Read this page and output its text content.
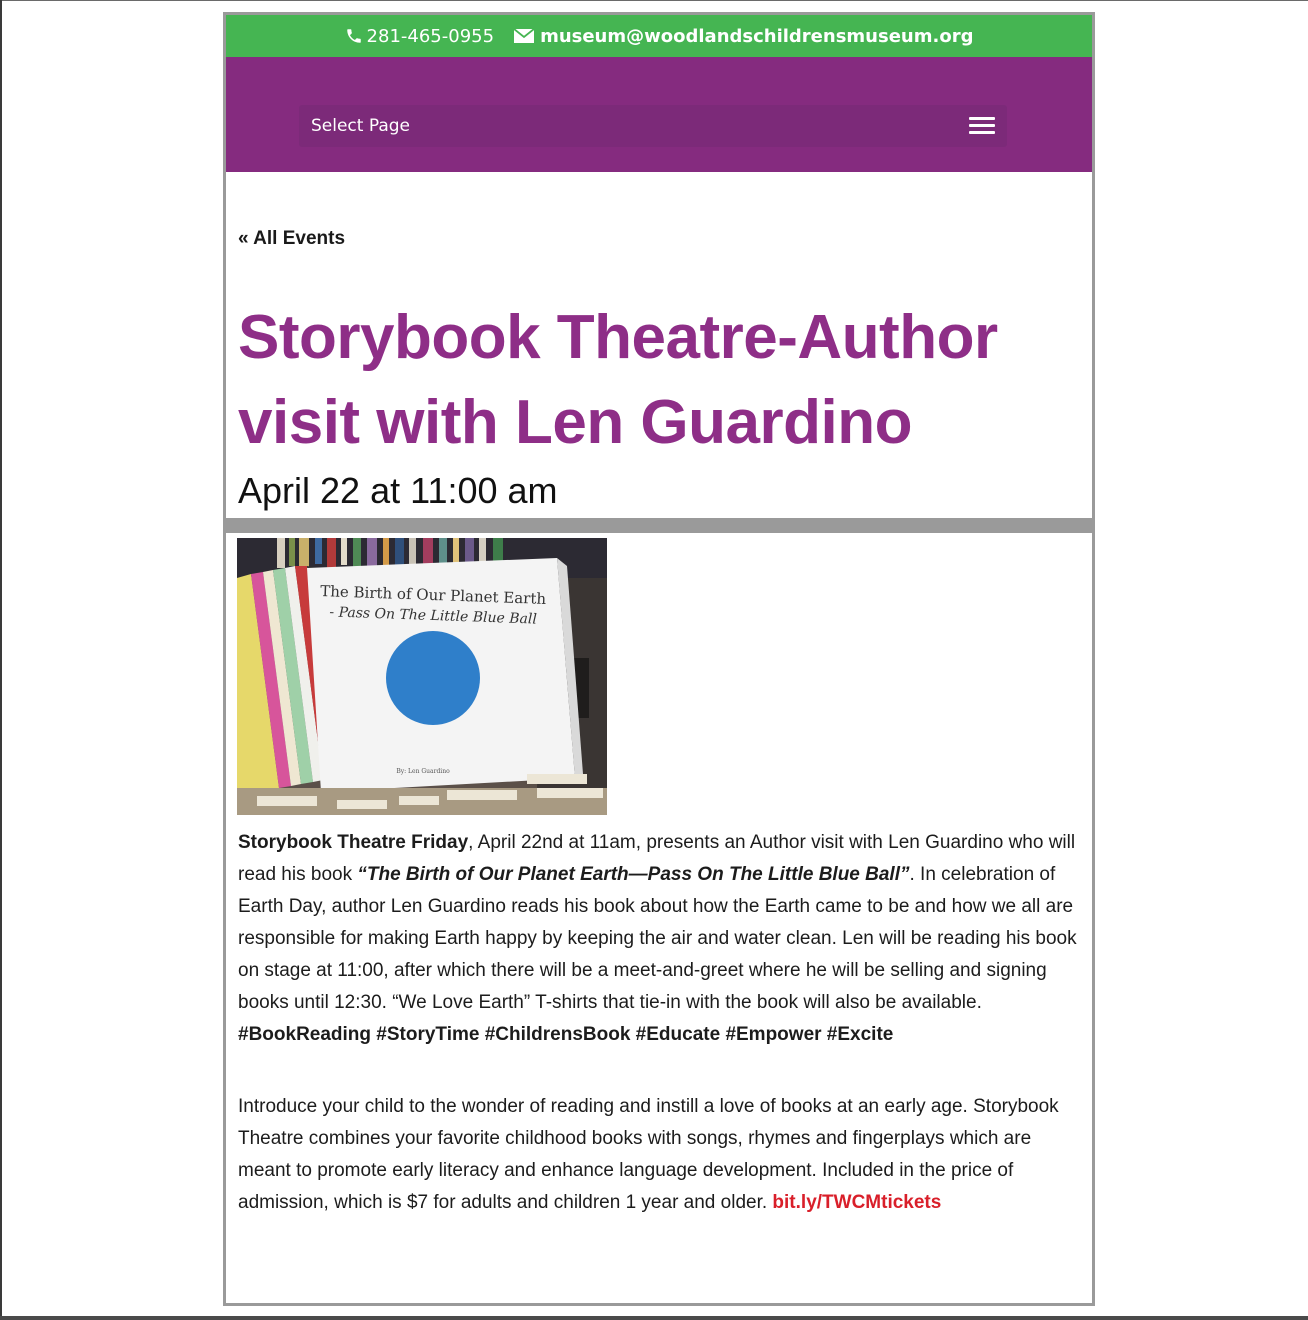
281-465-0955	museum@woodlandschildrensmuseum.org
Select Page
« All Events
Storybook Theatre-Author visit with Len Guardino
April 22 at 11:00 am
The Birth of Our Planet Earth
- Pass On The Little Blue Ball
By: Len Guardino

Storybook Theatre Friday, April 22nd at 11am, presents an Author visit with Len Guardino who will read his book “The Birth of Our Planet Earth—Pass On The Little Blue Ball”. In celebration of Earth Day, author Len Guardino reads his book about how the Earth came to be and how we all are responsible for making Earth happy by keeping the air and water clean. Len will be reading his book on stage at 11:00, after which there will be a meet-and-greet where he will be selling and signing books until 12:30. “We Love Earth” T-shirts that tie-in with the book will also be available. #BookReading #StoryTime #ChildrensBook #Educate #Empower #Excite

Introduce your child to the wonder of reading and instill a love of books at an early age. Storybook Theatre combines your favorite childhood books with songs, rhymes and fingerplays which are meant to promote early literacy and enhance language development. Included in the price of admission, which is $7 for adults and children 1 year and older. bit.ly/TWCMtickets
